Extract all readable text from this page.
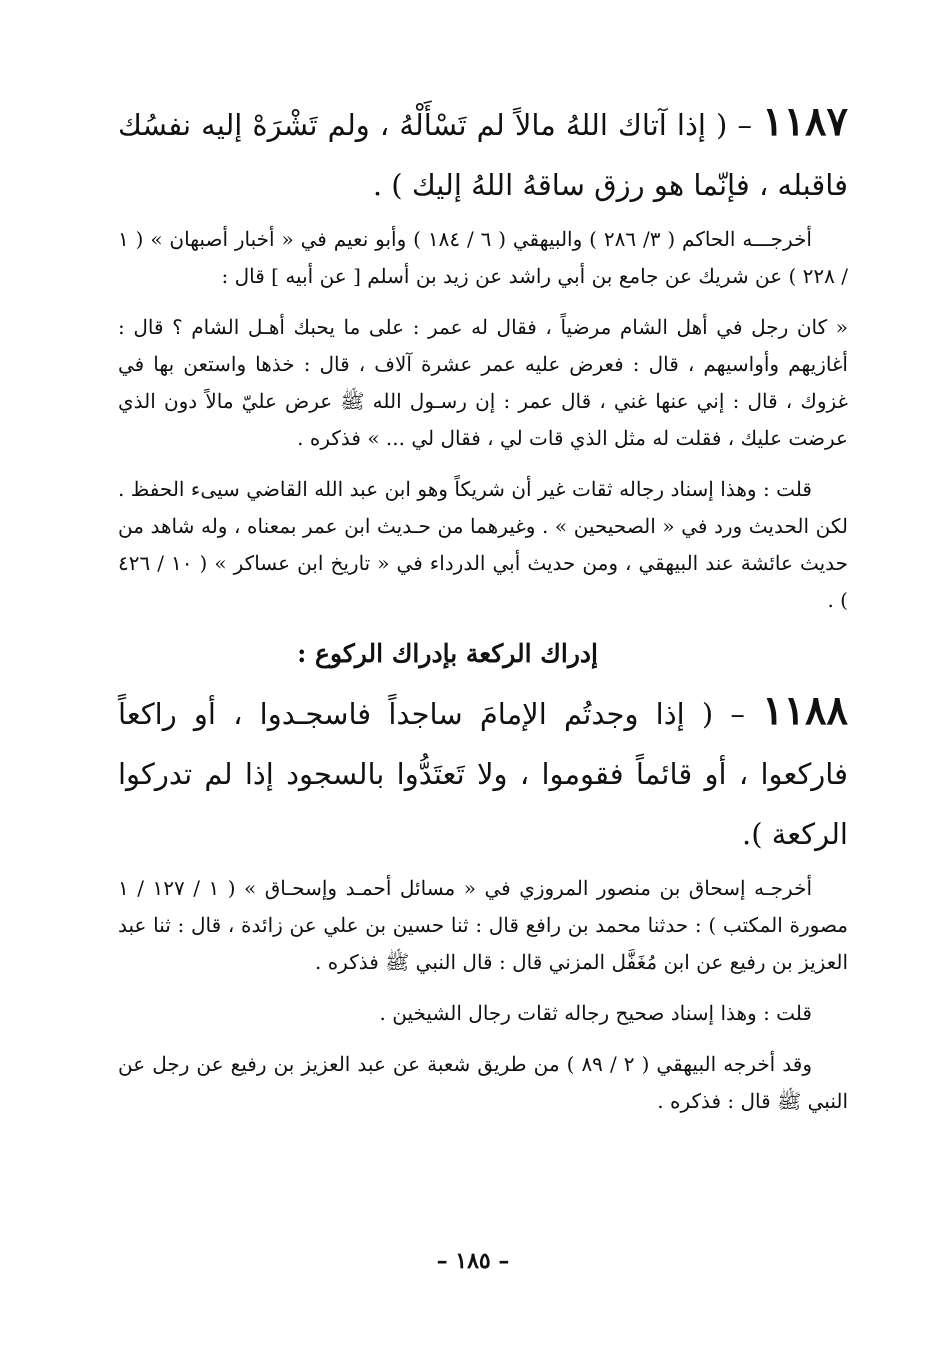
١١٨٧ – ( إذا آتاك اللهُ مالاً لم تَسْأَلْهُ ، ولم تَشْرَهْ إليه نفسُك فاقبله ، فإنّما هو رزق ساقهُ اللهُ إليك ) .

أخرجـــه الحاكم ( ٣/ ٢٨٦ ) والبيهقي ( ٦ / ١٨٤ ) وأبو نعيم في « أخبار أصبهان » ( ١ / ٢٢٨ ) عن شريك عن جامع بن أبي راشد عن زيد بن أسلم [ عن أبيه ] قال :

« كان رجل في أهل الشام مرضياً ، فقال له عمر : على ما يحبك أهـل الشام ؟ قال : أغازيهم وأواسيهم ، قال : فعرض عليه عمر عشرة آلاف ، قال : خذها واستعن بها في غزوك ، قال : إني عنها غني ، قال عمر : إن رسـول الله ﷺ عرض عليّ مالاً دون الذي عرضت عليك ، فقلت له مثل الذي قات لي ، فقال لي ... » فذكره .

قلت : وهذا إسناد رجاله ثقات غير أن شريكاً وهو ابن عبد الله القاضي سيىء الحفظ . لكن الحديث ورد في « الصحيحين » . وغيرهما من حـديث ابن عمر بمعناه ، وله شاهد من حديث عائشة عند البيهقي ، ومن حديث أبي الدرداء في « تاريخ ابن عساكر » ( ١٠ / ٤٢٦ ) .

إدراك الركعة بإدراك الركوع :

١١٨٨ – ( إذا وجدتُم الإمامَ ساجداً فاسجـدوا ، أو راكعاً فاركعوا ، أو قائماً فقوموا ، ولا تَعتَدُّوا بالسجود إذا لم تدركوا الركعة ).

أخرجـه إسحاق بن منصور المروزي في « مسائل أحمـد وإسحـاق » ( ١ / ١٢٧ / ١ مصورة المكتب ) : حدثنا محمد بن رافع قال : ثنا حسين بن علي عن زائدة ، قال : ثنا عبد العزيز بن رفيع عن ابن مُغَفَّل المزني قال : قال النبي ﷺ فذكره .

قلت : وهذا إسناد صحيح رجاله ثقات رجال الشيخين .

وقد أخرجه البيهقي ( ٢ / ٨٩ ) من طريق شعبة عن عبد العزيز بن رفيع عن رجل عن النبي ﷺ قال : فذكره .

– ١٨٥ –
